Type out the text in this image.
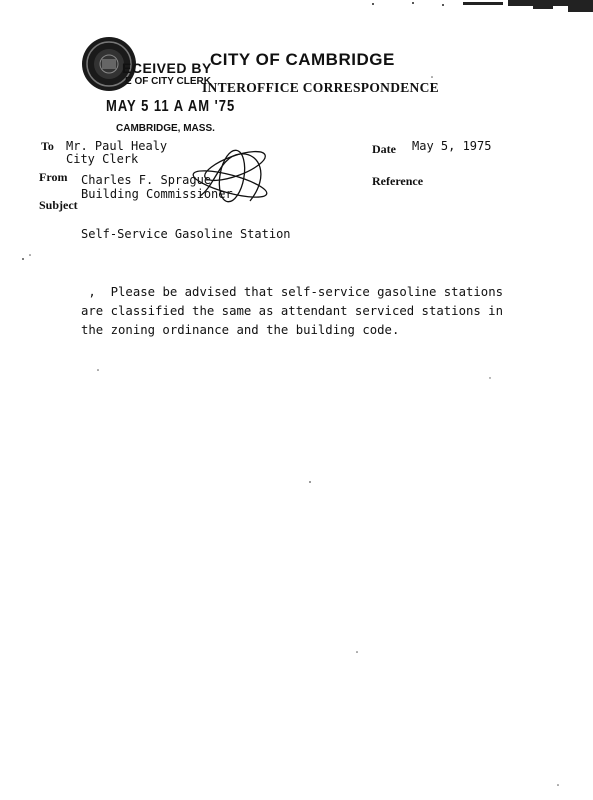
CITY OF CAMBRIDGE
INTEROFFICE CORRESPONDENCE
ECEIVED BY
E OF CITY CLERK
MAY 5 11 A AM '75
CAMBRIDGE, MASS.
To Mr. Paul Healy
City Clerk
Date May 5, 1975
From Charles F. Sprague
Building Commissioner
Reference
Subject
Self-Service Gasoline Station
,  Please be advised that self-service gasoline stations
are classified the same as attendant serviced stations in
the zoning ordinance and the building code.
